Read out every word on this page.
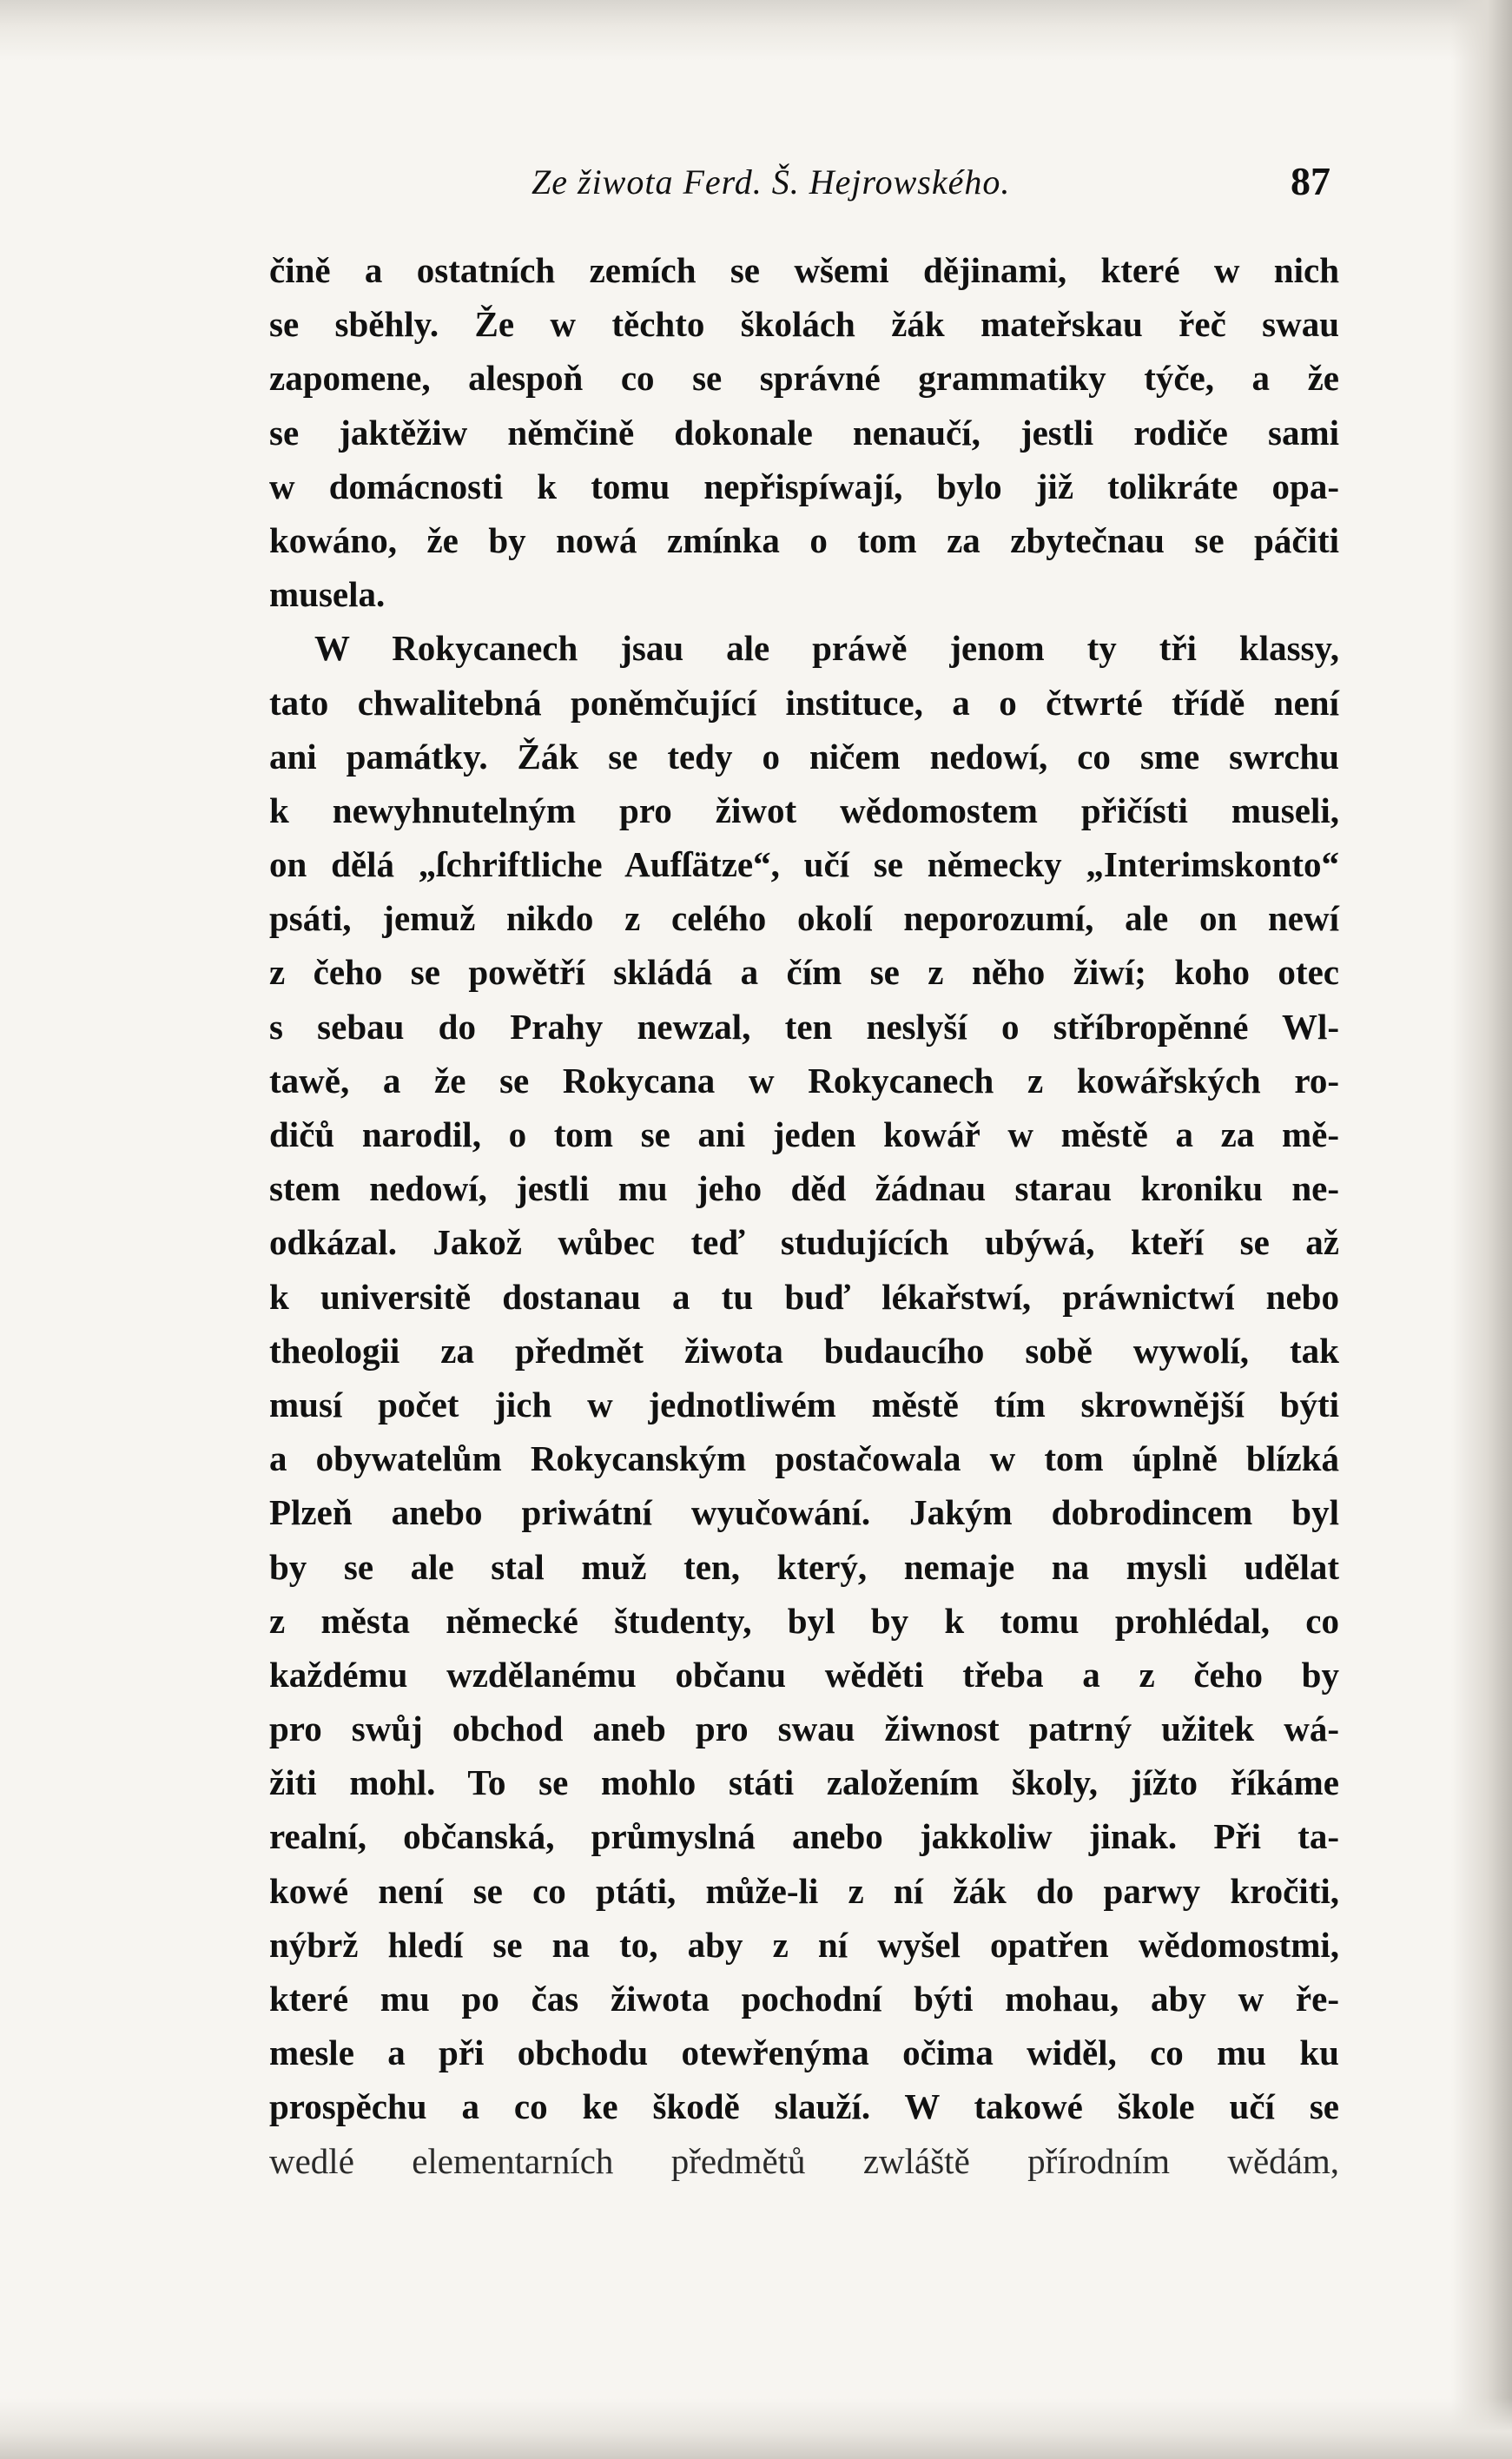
Ze žiwota Ferd. Š. Hejrowského.	87
čině a ostatních zemích se wšemi dějinami, které w nich
se sběhly. Že w těchto školách žák mateřskau řeč swau
zapomene, alespoň co se správné grammatiky týče, a že
se jaktěžiw němčině dokonale nenaučí, jestli rodiče sami
w domácnosti k tomu nepřispíwají, bylo již tolikráte opa-
kowáno, že by nowá zmínka o tom za zbytečnau se páčiti
musela.
W Rokycanech jsau ale práwě jenom ty tři klassy,
tato chwalitebná poněmčující instituce, a o čtwrté třídě není
ani památky. Žák se tedy o ničem nedowí, co sme swrchu
k newyhnutelným pro žiwot wědomostem přičísti museli,
on dělá „ſchriftliche Aufſätze“, učí se německy „Interimskonto“
psáti, jemuž nikdo z celého okolí neporozumí, ale on newí
z čeho se powětří skládá a čím se z něho žiwí; koho otec
s sebau do Prahy newzal, ten neslyší o stříbropěnné Wl-
tawě, a že se Rokycana w Rokycanech z kowářských ro-
dičů narodil, o tom se ani jeden kowář w městě a za mě-
stem nedowí, jestli mu jeho děd žádnau starau kroniku ne-
odkázal. Jakož wůbec teď studujících ubýwá, kteří se až
k universitě dostanau a tu buď lékařstwí, práwnictwí nebo
theologii za předmět žiwota budaucího sobě wywolí, tak
musí počet jich w jednotliwém městě tím skrownější býti
a obywatelům Rokycanským postačowala w tom úplně blízká
Plzeň anebo priwátní wyučowání. Jakým dobrodincem byl
by se ale stal muž ten, který, nemaje na mysli udělat
z města německé študenty, byl by k tomu prohlédal, co
každému wzdělanému občanu wěděti třeba a z čeho by
pro swůj obchod aneb pro swau žiwnost patrný užitek wá-
žiti mohl. To se mohlo státi založením školy, jížto říkáme
realní, občanská, průmyslná anebo jakkoliw jinak. Při ta-
kowé není se co ptáti, může-li z ní žák do parwy kročiti,
nýbrž hledí se na to, aby z ní wyšel opatřen wědomostmi,
které mu po čas žiwota pochodní býti mohau, aby w ře-
mesle a při obchodu otewřenýma očima widěl, co mu ku
prospěchu a co ke škodě slauží. W takowé škole učí se
wedlé elementarních předmětů zwláště přírodním wědám,
